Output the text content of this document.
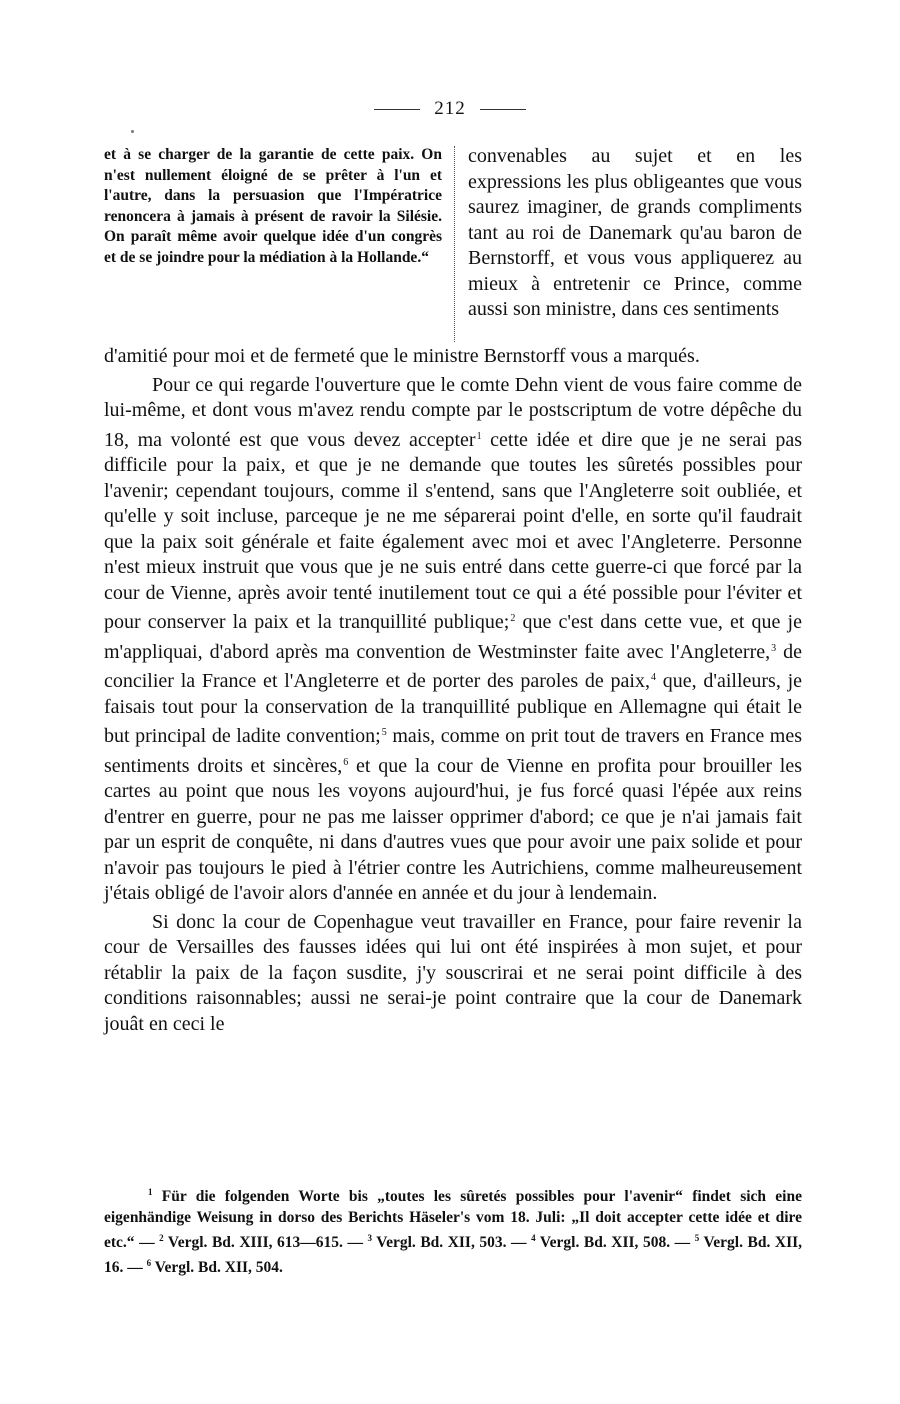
212

et à se charger de la garantie de cette paix. On n'est nullement éloigné de se prêter à l'un et l'autre, dans la persuasion que l'Impératrice renoncera à jamais à présent de ravoir la Silésie. On paraît même avoir quelque idée d'un congrès et de se joindre pour la médiation à la Hollande.“

convenables au sujet et en les expressions les plus obligeantes que vous saurez imaginer, de grands compliments tant au roi de Danemark qu'au baron de Bernstorff, et vous vous appliquerez au mieux à entretenir ce Prince, comme aussi son ministre, dans ces sentiments

d'amitié pour moi et de fermeté que le ministre Bernstorff vous a marqués.

Pour ce qui regarde l'ouverture que le comte Dehn vient de vous faire comme de lui-même, et dont vous m'avez rendu compte par le postscriptum de votre dépêche du 18, ma volonté est que vous devez accepter$^1$ cette idée et dire que je ne serai pas difficile pour la paix, et que je ne demande que toutes les sûretés possibles pour l'avenir; cependant toujours, comme il s'entend, sans que l'Angleterre soit oubliée, et qu'elle y soit incluse, parceque je ne me séparerai point d'elle, en sorte qu'il faudrait que la paix soit générale et faite également avec moi et avec l'Angleterre. Personne n'est mieux instruit que vous que je ne suis entré dans cette guerre-ci que forcé par la cour de Vienne, après avoir tenté inutilement tout ce qui a été possible pour l'éviter et pour conserver la paix et la tranquillité publique;$^2$ que c'est dans cette vue, et que je m'appliquai, d'abord après ma convention de Westminster faite avec l'Angleterre,$^3$ de concilier la France et l'Angleterre et de porter des paroles de paix,$^4$ que, d'ailleurs, je faisais tout pour la conservation de la tranquillité publique en Allemagne qui était le but principal de ladite convention;$^5$ mais, comme on prit tout de travers en France mes sentiments droits et sincères,$^6$ et que la cour de Vienne en profita pour brouiller les cartes au point que nous les voyons aujourd'hui, je fus forcé quasi l'épée aux reins d'entrer en guerre, pour ne pas me laisser opprimer d'abord; ce que je n'ai jamais fait par un esprit de conquête, ni dans d'autres vues que pour avoir une paix solide et pour n'avoir pas toujours le pied à l'étrier contre les Autrichiens, comme malheureusement j'étais obligé de l'avoir alors d'année en année et du jour à lendemain.

Si donc la cour de Copenhague veut travailler en France, pour faire revenir la cour de Versailles des fausses idées qui lui ont été inspirées à mon sujet, et pour rétablir la paix de la façon susdite, j'y souscrirai et ne serai point difficile à des conditions raisonnables; aussi ne serai-je point contraire que la cour de Danemark jouât en ceci le

$^1$ Für die folgenden Worte bis „toutes les sûretés possibles pour l'avenir“ findet sich eine eigenhändige Weisung in dorso des Berichts Häseler's vom 18. Juli: „Il doit accepter cette idée et dire etc.“ — $^2$ Vergl. Bd. XIII, 613—615. — $^3$ Vergl. Bd. XII, 503. — $^4$ Vergl. Bd. XII, 508. — $^5$ Vergl. Bd. XII, 16. — $^6$ Vergl. Bd. XII, 504.
